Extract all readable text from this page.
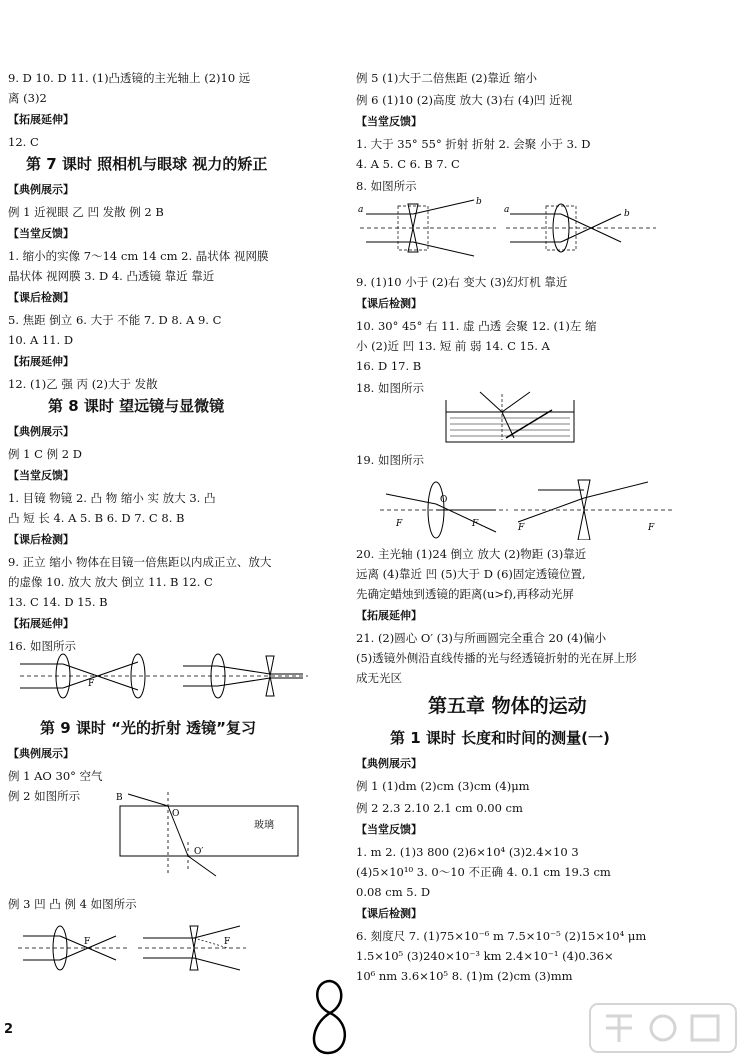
9. D 10. D 11. (1)凸透镜的主光轴上 (2)10 远
离 (3)2
【拓展延伸】
12. C
第 7 课时 照相机与眼球 视力的矫正
【典例展示】
例 1 近视眼 乙 凹 发散 例 2 B
【当堂反馈】
1. 缩小的实像 7～14 cm 14 cm 2. 晶状体 视网膜
晶状体 视网膜 3. D 4. 凸透镜 靠近 靠近
【课后检测】
5. 焦距 倒立 6. 大于 不能 7. D 8. A 9. C
10. A 11. D
【拓展延伸】
12. (1)乙 强 丙 (2)大于 发散
第 8 课时 望远镜与显微镜
【典例展示】
例 1 C 例 2 D
【当堂反馈】
1. 目镜 物镜 2. 凸 物 缩小 实 放大 3. 凸
凸 短 长 4. A 5. B 6. D 7. C 8. B
【课后检测】
9. 正立 缩小 物体在目镜一倍焦距以内成正立、放大
的虚像 10. 放大 放大 倒立 11. B 12. C
13. C 14. D 15. B
【拓展延伸】
16. 如图所示
第 9 课时 “光的折射 透镜”复习
【典例展示】
例 1 AO 30° 空气
例 2 如图所示
例 3 凹 凸 例 4 如图所示
F
B
O
O′
玻璃
F	F
例 5 (1)大于二倍焦距 (2)靠近 缩小
例 6 (1)10 (2)高度 放大 (3)右 (4)凹 近视
【当堂反馈】
1. 大于 35° 55° 折射 折射 2. 会聚 小于 3. D
4. A 5. C 6. B 7. C
8. 如图所示
9. (1)10 小于 (2)右 变大 (3)幻灯机 靠近
【课后检测】
10. 30° 45° 右 11. 虚 凸透 会聚 12. (1)左 缩
小 (2)近 凹 13. 短 前 弱 14. C 15. A
16. D 17. B
18. 如图所示
19. 如图所示
20. 主光轴 (1)24 倒立 放大 (2)物距 (3)靠近
远离 (4)靠近 凹 (5)大于 D (6)固定透镜位置,
先确定蜡烛到透镜的距离(u>f),再移动光屏
【拓展延伸】
21. (2)圆心 O′ (3)与所画圆完全重合 20 (4)偏小
(5)透镜外侧沿直线传播的光与经透镜折射的光在屏上形
成无光区
第五章 物体的运动
第 1 课时 长度和时间的测量(一)
【典例展示】
例 1 (1)dm (2)cm (3)cm (4)μm
例 2 2.3 2.10 2.1 cm 0.00 cm
【当堂反馈】
1. m 2. (1)3 800 (2)6×10⁴ (3)2.4×10 3
(4)5×10¹⁰ 3. 0～10 不正确 4. 0.1 cm 19.3 cm
0.08 cm 5. D
【课后检测】
6. 刻度尺 7. (1)75×10⁻⁶ m 7.5×10⁻⁵ (2)15×10⁴ μm
1.5×10⁵ (3)240×10⁻³ km 2.4×10⁻¹ (4)0.36×
10⁶ nm 3.6×10⁵ 8. (1)m (2)cm (3)mm
a
b
a	b
F	F
O
F	F
2
